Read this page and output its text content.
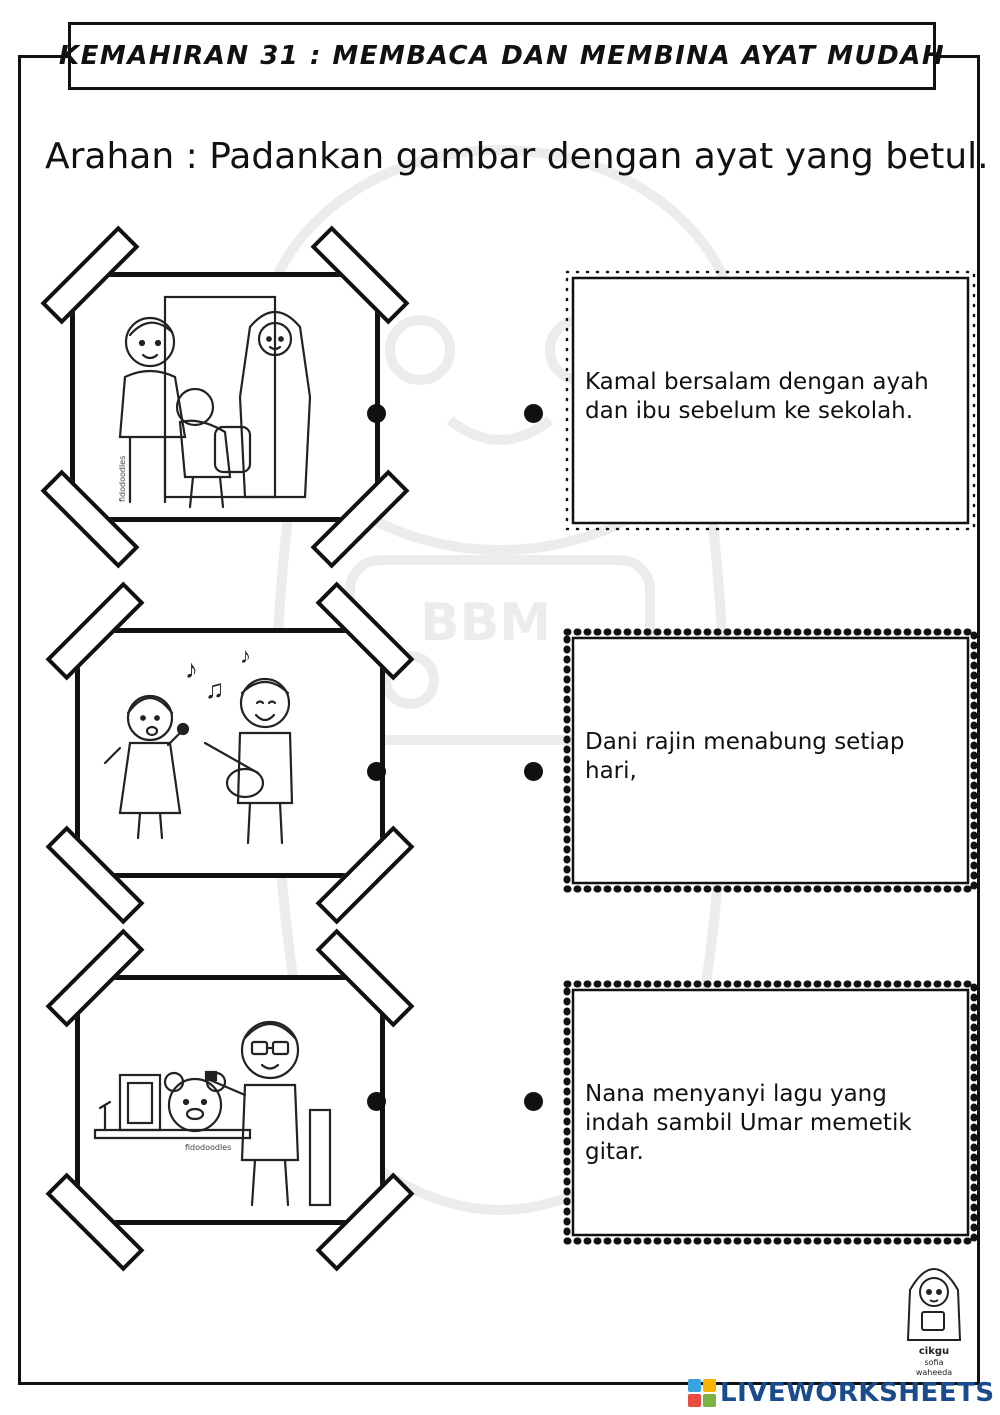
BBM
KEMAHIRAN 31 : MEMBACA DAN MEMBINA AYAT MUDAH
Arahan : Padankan gambar dengan ayat yang betul.
fidodoodles
♪
♫
♪
fidodoodles
Kamal bersalam dengan ayah dan ibu sebelum ke sekolah.
Dani rajin menabung setiap hari,
Nana menyanyi lagu yang indah sambil Umar memetik gitar.
cikgu
sofia
waheeda
LIVEWORKSHEETS
